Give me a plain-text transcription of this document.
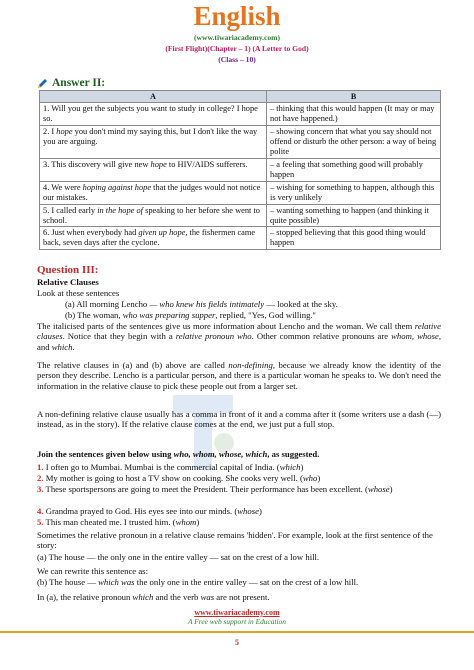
English
(www.tiwariacademy.com)
(First Flight)(Chapter – 1) (A Letter to God)
(Class – 10)
Answer II:
A	B
1. Will you get the subjects you want to study in college? I hope so.	– thinking that this would happen (It may or may not have happened.)
2. I hope you don't mind my saying this, but I don't like the way you are arguing.	– showing concern that what you say should not offend or disturb the other person: a way of being polite
3. This discovery will give new hope to HIV/AIDS sufferers.	– a feeling that something good will probably happen
4. We were hoping against hope that the judges would not notice our mistakes.	– wishing for something to happen, although this is very unlikely
5. I called early in the hope of speaking to her before she went to school.	– wanting something to happen (and thinking it quite possible)
6. Just when everybody had given up hope, the fishermen came back, seven days after the cyclone.	– stopped believing that this good thing would happen
Question III:
Relative Clauses
Look at these sentences
(a) All morning Lencho — who knew his fields intimately — looked at the sky.
(b) The woman, who was preparing supper, replied, "Yes, God willing.''
The italicised parts of the sentences give us more information about Lencho and the woman. We call them relative clauses. Notice that they begin with a relative pronoun who. Other common relative pronouns are whom, whose, and which.
The relative clauses in (a) and (b) above are called non-defining, because we already know the identity of the person they describe. Lencho is a particular person, and there is a particular woman he speaks to. We don't need the information in the relative clause to pick these people out from a larger set.
A non-defining relative clause usually has a comma in front of it and a comma after it (some writers use a dash (—) instead, as in the story). If the relative clause comes at the end, we just put a full stop.
Join the sentences given below using who, whom, whose, which, as suggested.
1. I often go to Mumbai. Mumbai is the commercial capital of India. (which)
2. My mother is going to host a TV show on cooking. She cooks very well. (who)
3. These sportspersons are going to meet the President. Their performance has been excellent. (whose)
4. Grandma prayed to God. His eyes see into our minds. (whose)
5. This man cheated me. I trusted him. (whom)
Sometimes the relative pronoun in a relative clause remains 'hidden'. For example, look at the first sentence of the story:
(a) The house — the only one in the entire valley — sat on the crest of a low hill.
We can rewrite this sentence as:
(b) The house — which was the only one in the entire valley — sat on the crest of a low hill.
In (a), the relative pronoun which and the verb was are not present.
www.tiwariacademy.com
A Free web support in Education
5
